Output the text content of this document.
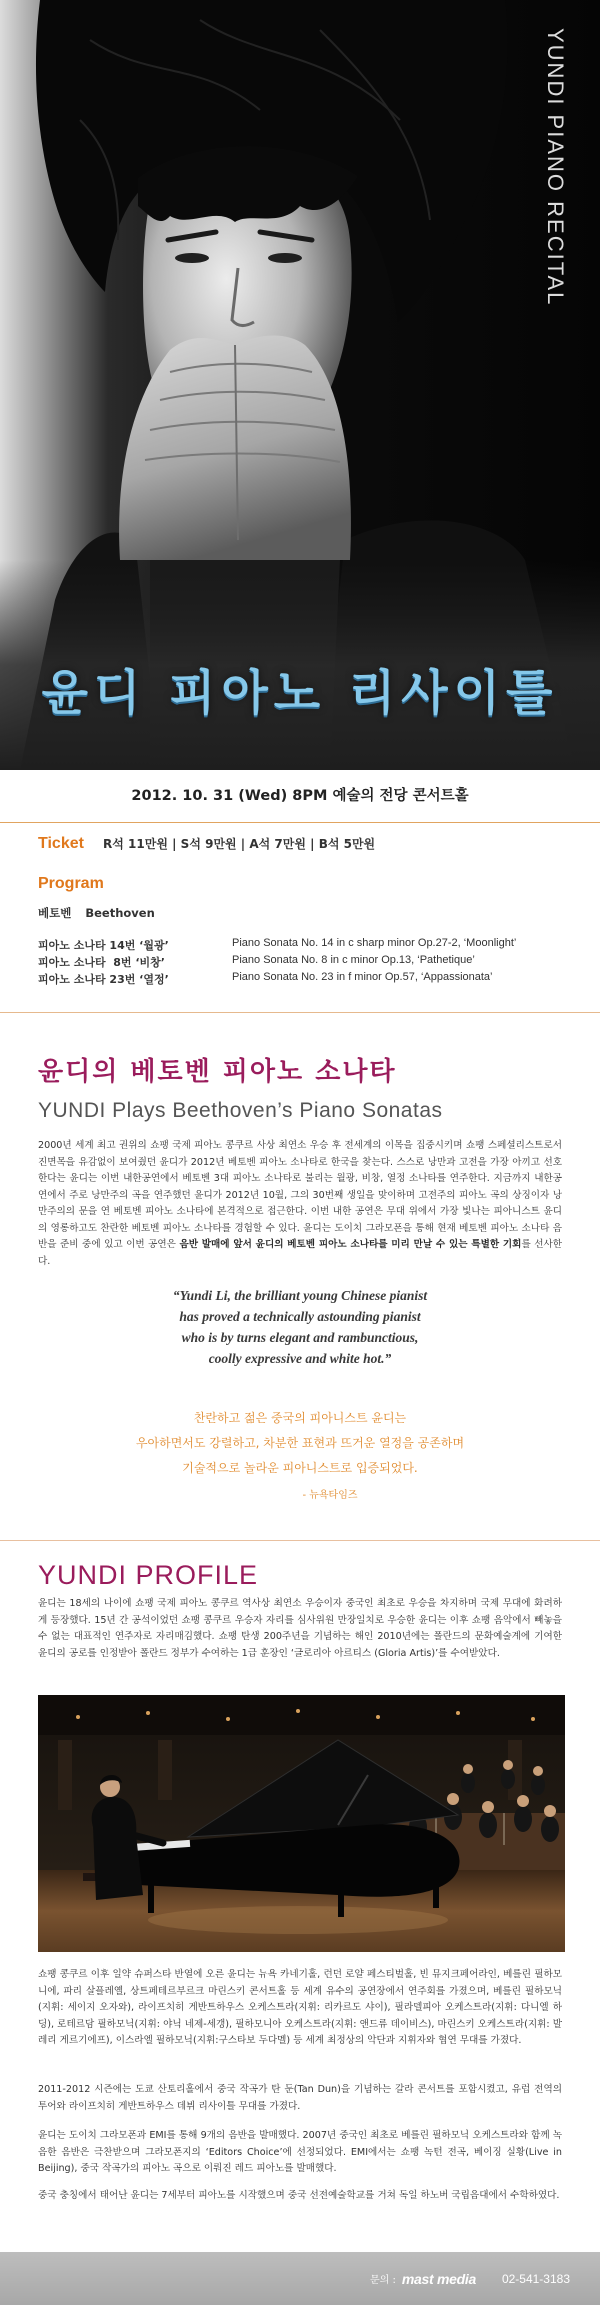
YUNDI PIANO RECITAL
윤디 피아노 리사이틀
2012. 10. 31 (Wed) 8PM 예술의 전당 콘서트홀
Ticket R석 11만원 | S석 9만원 | A석 7만원 | B석 5만원
Program
베토벤 Beethoven
피아노 소나타 14번 ‘월광’	Piano Sonata No. 14 in c sharp minor Op.27-2, ‘Moonlight’
피아노 소나타  8번 ‘비창’	Piano Sonata No. 8 in c minor Op.13, ‘Pathetique’
피아노 소나타 23번 ‘열정’	Piano Sonata No. 23 in f minor Op.57, ‘Appassionata’
윤디의 베토벤 피아노 소나타
YUNDI Plays Beethoven’s Piano Sonatas
2000년 세계 최고 권위의 쇼팽 국제 피아노 콩쿠르 사상 최연소 우승 후 전세계의 이목을 집중시키며 쇼팽 스페셜리스트로서 진면목을 유감없이 보여줬던 윤디가 2012년 베토벤 피아노 소나타로 한국을 찾는다. 스스로 낭만과 고전을 가장 아끼고 선호한다는 윤디는 이번 내한공연에서 베토벤 3대 피아노 소나타로 불리는 월광, 비창, 열정 소나타를 연주한다. 지금까지 내한공연에서 주로 낭만주의 곡을 연주했던 윤디가 2012년 10월, 그의 30번째 생일을 맞이하며 고전주의 피아노 곡의 상징이자 낭만주의의 문을 연 베토벤 피아노 소나타에 본격적으로 접근한다. 이번 내한 공연은 무대 위에서 가장 빛나는 피아니스트 윤디의 영롱하고도 찬란한 베토벤 피아노 소나타를 경험할 수 있다. 윤디는 도이치 그라모폰을 통해 현재 베토벤 피아노 소나타 음반을 준비 중에 있고 이번 공연은 음반 발매에 앞서 윤디의 베토벤 피아노 소나타를 미리 만날 수 있는 특별한 기회를 선사한다.
“Yundi Li, the brilliant young Chinese pianist
has proved a technically astounding pianist
who is by turns elegant and rambunctious,
coolly expressive and white hot.”
찬란하고 젊은 중국의 피아니스트 윤디는
우아하면서도 강렬하고, 차분한 표현과 뜨거운 열정을 공존하며
기술적으로 놀라운 피아니스트로 입증되었다.
- 뉴욕타임즈
YUNDI PROFILE
윤디는 18세의 나이에 쇼팽 국제 피아노 콩쿠르 역사상 최연소 우승이자 중국인 최초로 우승을 차지하며 국제 무대에 화려하게 등장했다. 15년 간 공석이었던 쇼팽 콩쿠르 우승자 자리를 심사위원 만장일치로 우승한 윤디는 이후 쇼팽 음악에서 빼놓을 수 없는 대표적인 연주자로 자리매김했다. 쇼팽 탄생 200주년을 기념하는 해인 2010년에는 폴란드의 문화예술계에 기여한 윤디의 공로를 인정받아 폴란드 정부가 수여하는 1급 훈장인 ‘글로리아 아르티스 (Gloria Artis)’를 수여받았다.
쇼팽 콩쿠르 이후 일약 슈퍼스타 반열에 오른 윤디는 뉴욕 카네기홀, 런던 로얄 페스티벌홀, 빈 뮤지크페어라인, 베를린 필하모니에, 파리 살플레옐, 상트페테르부르크 마린스키 콘서트홀 등 세계 유수의 공연장에서 연주회를 가졌으며, 베를린 필하모닉(지휘: 세이지 오자와), 라이프치히 게반트하우스 오케스트라(지휘: 리카르도 샤이), 필라델피아 오케스트라(지휘: 다니엘 하딩), 로테르담 필하모닉(지휘: 야닉 네제-세갱), 필하모니아 오케스트라(지휘: 앤드류 데이비스), 마린스키 오케스트라(지휘: 발레리 게르기에프), 이스라엘 필하모닉(지휘:구스타보 두다멜) 등 세계 최정상의 악단과 지휘자와 협연 무대를 가졌다.
2011-2012 시즌에는 도쿄 산토리홀에서 중국 작곡가 탄 둔(Tan Dun)을 기념하는 갈라 콘서트를 포함시켰고, 유럽 전역의 투어와 라이프치히 게반트하우스 데뷔 리사이틀 무대를 가졌다.
윤디는 도이치 그라모폰과 EMI를 통해 9개의 음반을 발매했다. 2007년 중국인 최초로 베를린 필하모닉 오케스트라와 함께 녹음한 음반은 극찬받으며 그라모폰지의 ‘Editors Choice’에 선정되었다. EMI에서는 쇼팽 녹턴 전곡, 베이징 실황(Live in Beijing), 중국 작곡가의 피아노 곡으로 이뤄진 레드 피아노를 발매했다.
중국 충칭에서 태어난 윤디는 7세부터 피아노를 시작했으며 중국 선전예술학교를 거쳐 독일 하노버 국립음대에서 수학하였다.
문의 : mast media 02-541-3183
